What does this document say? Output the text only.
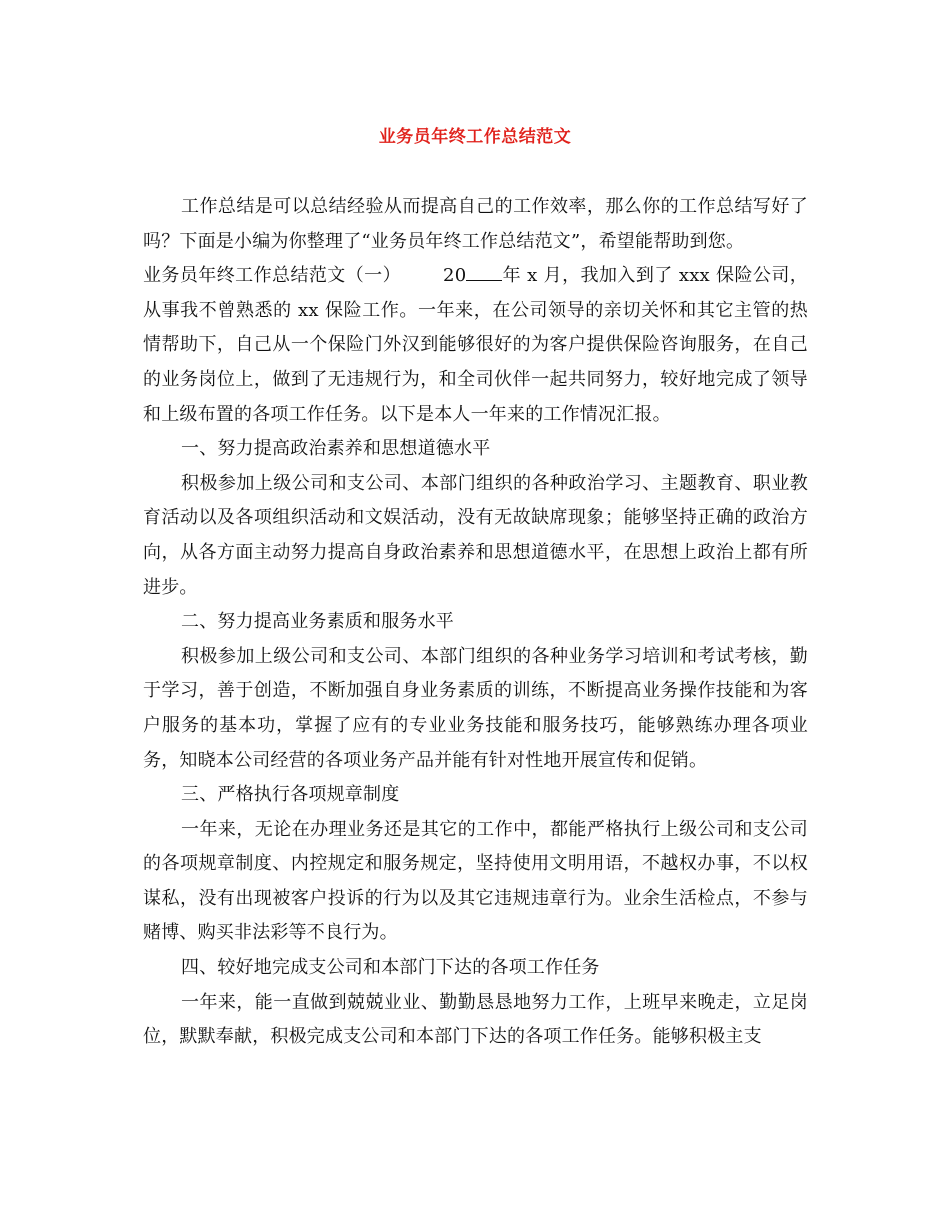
业务员年终工作总结范文

工作总结是可以总结经验从而提高自己的工作效率，那么你的工作总结写好了吗？下面是小编为你整理了“业务员年终工作总结范文”，希望能帮助到您。

业务员年终工作总结范文（一） 20 年 x 月，我加入到了 xxx 保险公司，从事我不曾熟悉的 xx 保险工作。一年来，在公司领导的亲切关怀和其它主管的热情帮助下，自己从一个保险门外汉到能够很好的为客户提供保险咨询服务，在自己的业务岗位上，做到了无违规行为，和全司伙伴一起共同努力，较好地完成了领导和上级布置的各项工作任务。以下是本人一年来的工作情况汇报。

一、努力提高政治素养和思想道德水平

积极参加上级公司和支公司、本部门组织的各种政治学习、主题教育、职业教育活动以及各项组织活动和文娱活动，没有无故缺席现象；能够坚持正确的政治方向，从各方面主动努力提高自身政治素养和思想道德水平，在思想上政治上都有所进步。

二、努力提高业务素质和服务水平

积极参加上级公司和支公司、本部门组织的各种业务学习培训和考试考核，勤于学习，善于创造，不断加强自身业务素质的训练，不断提高业务操作技能和为客户服务的基本功，掌握了应有的专业业务技能和服务技巧，能够熟练办理各项业务，知晓本公司经营的各项业务产品并能有针对性地开展宣传和促销。

三、严格执行各项规章制度

一年来，无论在办理业务还是其它的工作中，都能严格执行上级公司和支公司的各项规章制度、内控规定和服务规定，坚持使用文明用语，不越权办事，不以权谋私，没有出现被客户投诉的行为以及其它违规违章行为。业余生活检点，不参与赌博、购买非法彩等不良行为。

四、较好地完成支公司和本部门下达的各项工作任务

一年来，能一直做到兢兢业业、勤勤恳恳地努力工作，上班早来晚走，立足岗位，默默奉献，积极完成支公司和本部门下达的各项工作任务。能够积极主支
